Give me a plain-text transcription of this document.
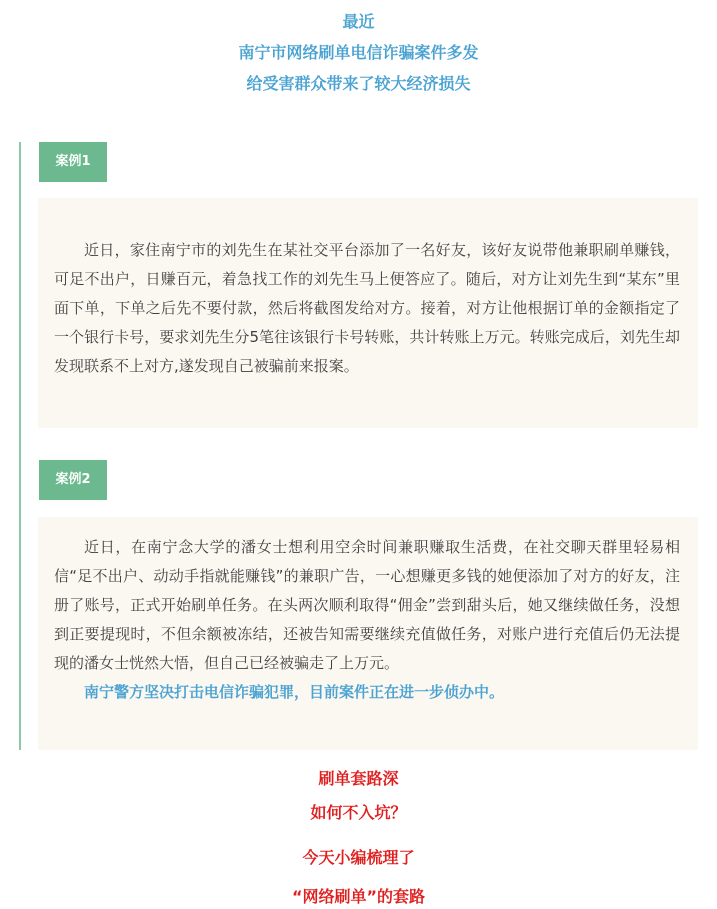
最近
南宁市网络刷单电信诈骗案件多发
给受害群众带来了较大经济损失
案例1

近日，家住南宁市的刘先生在某社交平台添加了一名好友，该好友说带他兼职刷单赚钱，可足不出户，日赚百元，着急找工作的刘先生马上便答应了。随后，对方让刘先生到“某东”里面下单，下单之后先不要付款，然后将截图发给对方。接着，对方让他根据订单的金额指定了一个银行卡号，要求刘先生分5笔往该银行卡号转账，共计转账上万元。转账完成后，刘先生却发现联系不上对方,遂发现自己被骗前来报案。

案例2

近日，在南宁念大学的潘女士想利用空余时间兼职赚取生活费，在社交聊天群里轻易相信“足不出户、动动手指就能赚钱”的兼职广告，一心想赚更多钱的她便添加了对方的好友，注册了账号，正式开始刷单任务。在头两次顺利取得“佣金”尝到甜头后，她又继续做任务，没想到正要提现时，不但余额被冻结，还被告知需要继续充值做任务，对账户进行充值后仍无法提现的潘女士恍然大悟，但自己已经被骗走了上万元。

南宁警方坚决打击电信诈骗犯罪，目前案件正在进一步侦办中。

刷单套路深
如何不入坑？
今天小编梳理了
“网络刷单”的套路
